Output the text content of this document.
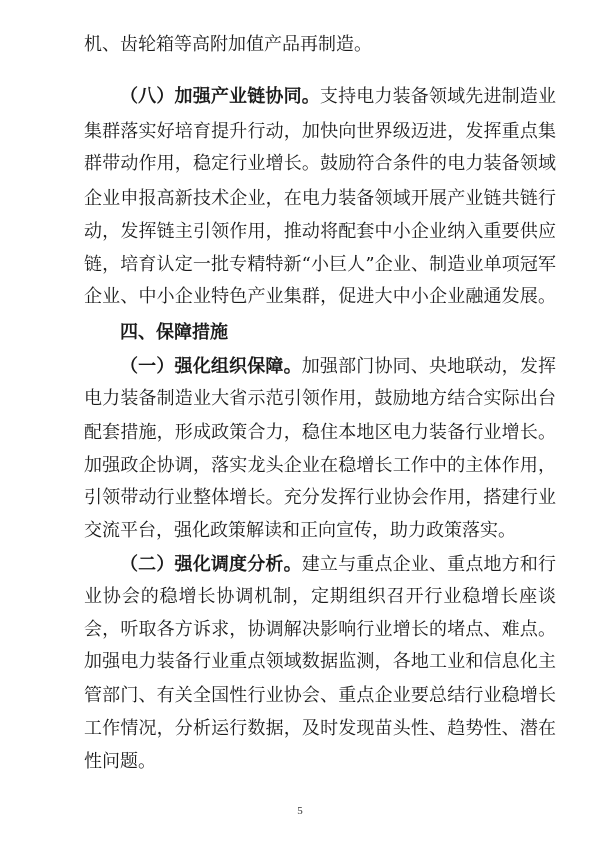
机、齿轮箱等高附加值产品再制造。
（八）加强产业链协同。支持电力装备领域先进制造业
集群落实好培育提升行动，加快向世界级迈进，发挥重点集
群带动作用，稳定行业增长。鼓励符合条件的电力装备领域
企业申报高新技术企业，在电力装备领域开展产业链共链行
动，发挥链主引领作用，推动将配套中小企业纳入重要供应
链，培育认定一批专精特新“小巨人”企业、制造业单项冠军
企业、中小企业特色产业集群，促进大中小企业融通发展。
四、保障措施
（一）强化组织保障。加强部门协同、央地联动，发挥
电力装备制造业大省示范引领作用，鼓励地方结合实际出台
配套措施，形成政策合力，稳住本地区电力装备行业增长。
加强政企协调，落实龙头企业在稳增长工作中的主体作用，
引领带动行业整体增长。充分发挥行业协会作用，搭建行业
交流平台，强化政策解读和正向宣传，助力政策落实。
（二）强化调度分析。建立与重点企业、重点地方和行
业协会的稳增长协调机制，定期组织召开行业稳增长座谈
会，听取各方诉求，协调解决影响行业增长的堵点、难点。
加强电力装备行业重点领域数据监测，各地工业和信息化主
管部门、有关全国性行业协会、重点企业要总结行业稳增长
工作情况，分析运行数据，及时发现苗头性、趋势性、潜在
性问题。
5
